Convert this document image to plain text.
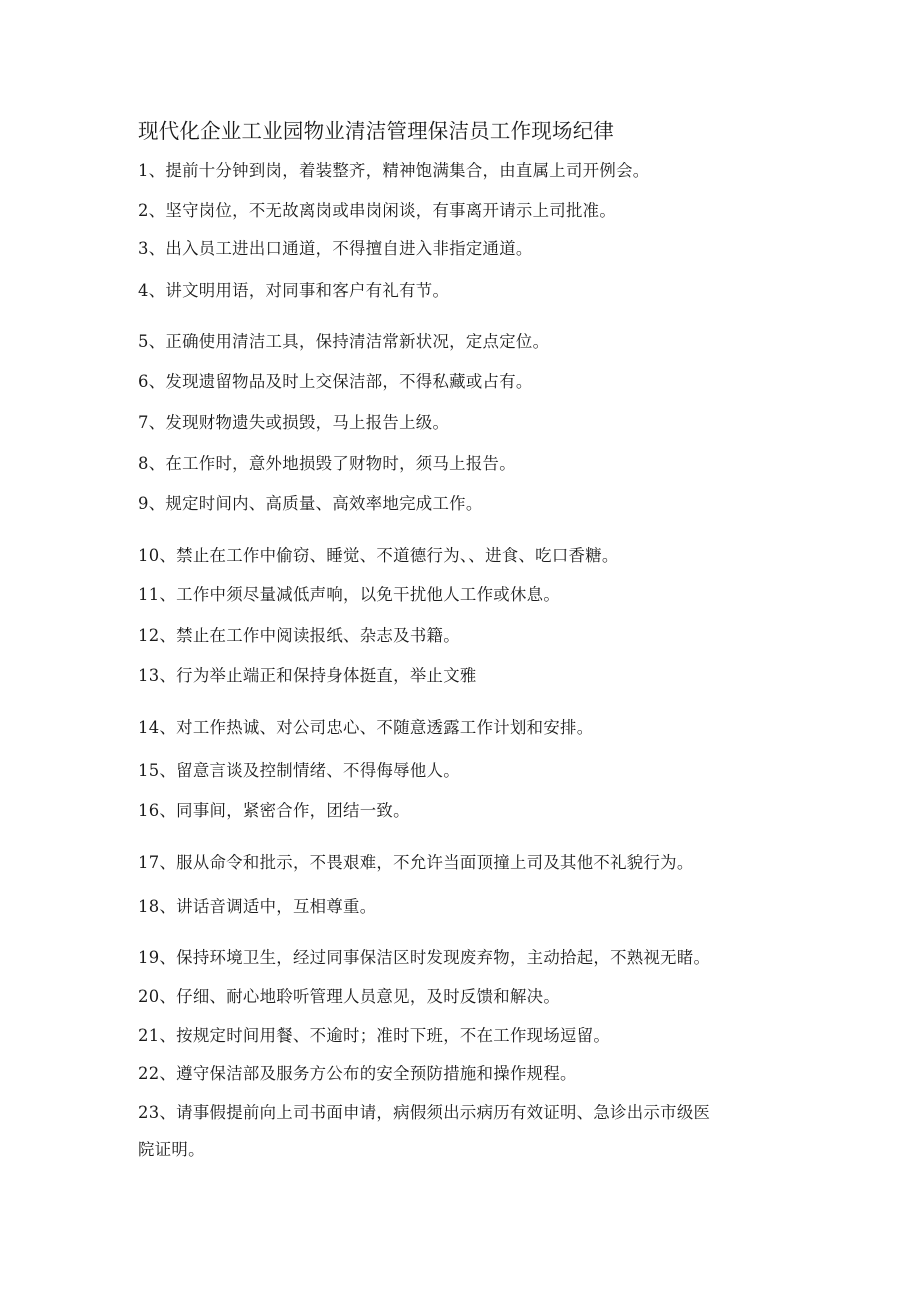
现代化企业工业园物业清洁管理保洁员工作现场纪律
1、提前十分钟到岗，着装整齐，精神饱满集合，由直属上司开例会。
2、坚守岗位，不无故离岗或串岗闲谈，有事离开请示上司批准。
3、出入员工进出口通道，不得擅自进入非指定通道。
4、讲文明用语，对同事和客户有礼有节。
5、正确使用清洁工具，保持清洁常新状况，定点定位。
6、发现遗留物品及时上交保洁部，不得私藏或占有。
7、发现财物遗失或损毁，马上报告上级。
8、在工作时，意外地损毁了财物时，须马上报告。
9、规定时间内、高质量、高效率地完成工作。
10、禁止在工作中偷窃、睡觉、不道德行为、、进食、吃口香糖。
11、工作中须尽量减低声响，以免干扰他人工作或休息。
12、禁止在工作中阅读报纸、杂志及书籍。
13、行为举止端正和保持身体挺直，举止文雅
14、对工作热诚、对公司忠心、不随意透露工作计划和安排。
15、留意言谈及控制情绪、不得侮辱他人。
16、同事间，紧密合作，团结一致。
17、服从命令和批示，不畏艰难，不允许当面顶撞上司及其他不礼貌行为。
18、讲话音调适中，互相尊重。
19、保持环境卫生，经过同事保洁区时发现废弃物，主动拾起，不熟视无睹。
20、仔细、耐心地聆听管理人员意见，及时反馈和解决。
21、按规定时间用餐、不逾时；准时下班，不在工作现场逗留。
22、遵守保洁部及服务方公布的安全预防措施和操作规程。
23、请事假提前向上司书面申请，病假须出示病历有效证明、急诊出示市级医
院证明。
